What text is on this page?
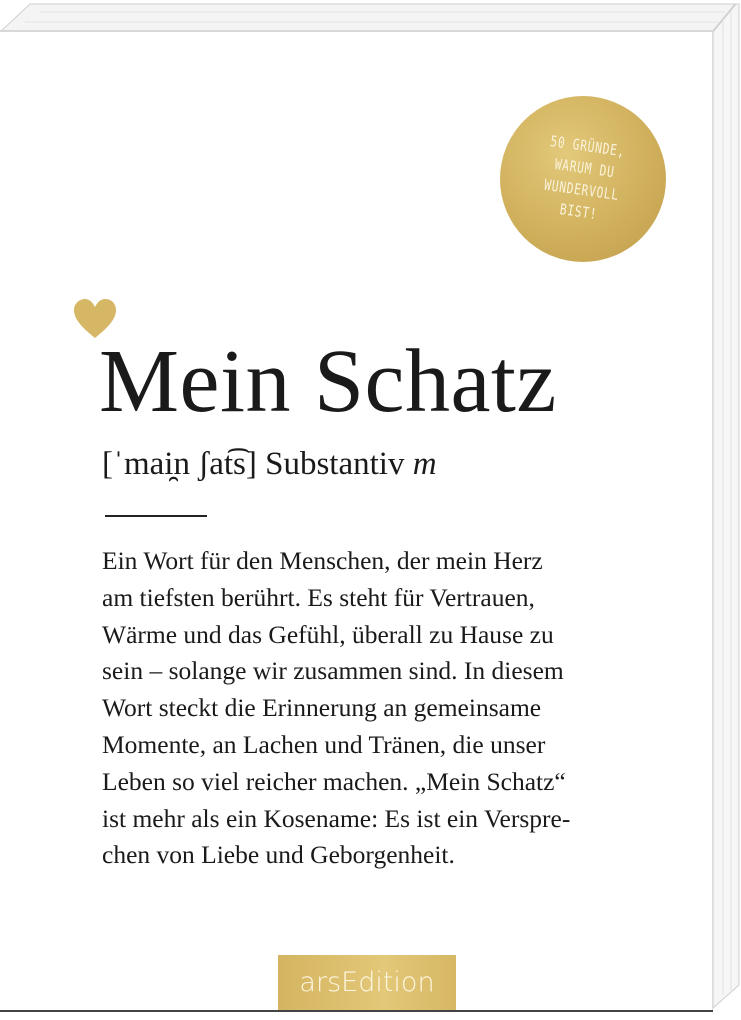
50 GRÜNDE,
WARUM DU
WUNDERVOLL
BIST!
Mein Schatz
[ˈmai̯n ʃat͡s] Substantiv m
Ein Wort für den Menschen, der mein Herz
am tiefsten berührt. Es steht für Vertrauen,
Wärme und das Gefühl, überall zu Hause zu
sein – solange wir zusammen sind. In diesem
Wort steckt die Erinnerung an gemeinsame
Momente, an Lachen und Tränen, die unser
Leben so viel reicher machen. „Mein Schatz“
ist mehr als ein Kosename: Es ist ein Verspre-
chen von Liebe und Geborgenheit.
arsEdition
